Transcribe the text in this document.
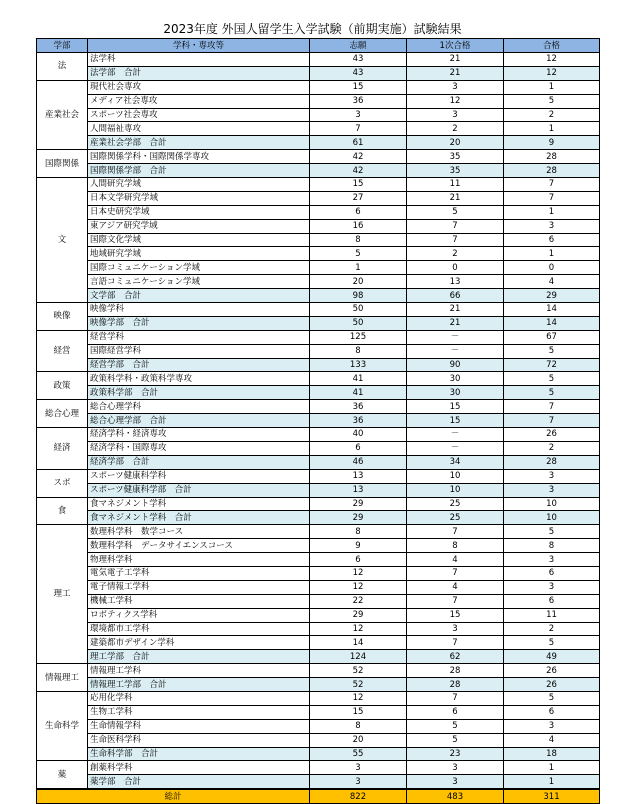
2023年度 外国人留学生入学試験（前期実施）試験結果
学部	学科・専攻等	志願	1次合格	合格
法	法学科	43	21	12
	法学部　合計	43	21	12
産業社会	現代社会専攻	15	3	1
	メディア社会専攻	36	12	5
	スポーツ社会専攻	3	3	2
	人間福祉専攻	7	2	1
	産業社会学部　合計	61	20	9
国際関係	国際関係学科・国際関係学専攻	42	35	28
	国際関係学部　合計	42	35	28
文	人間研究学域	15	11	7
	日本文学研究学域	27	21	7
	日本史研究学域	6	5	1
	東アジア研究学域	16	7	3
	国際文化学域	8	7	6
	地域研究学域	5	2	1
	国際コミュニケーション学域	1	0	0
	言語コミュニケーション学域	20	13	4
	文学部　合計	98	66	29
映像	映像学科	50	21	14
	映像学部　合計	50	21	14
経営	経営学科	125	－	67
	国際経営学科	8	－	5
	経営学部　合計	133	90	72
政策	政策科学科・政策科学専攻	41	30	5
	政策科学部　合計	41	30	5
総合心理	総合心理学科	36	15	7
	総合心理学部　合計	36	15	7
経済	経済学科・経済専攻	40	－	26
	経済学科・国際専攻	6	－	2
	経済学部　合計	46	34	28
スポ	スポーツ健康科学科	13	10	3
	スポーツ健康科学部　合計	13	10	3
食	食マネジメント学科	29	25	10
	食マネジメント学科　合計	29	25	10
理工	数理科学科　数学コース	8	7	5
	数理科学科　データサイエンスコース	9	8	8
	物理科学科	6	4	3
	電気電子工学科	12	7	6
	電子情報工学科	12	4	3
	機械工学科	22	7	6
	ロボティクス学科	29	15	11
	環境都市工学科	12	3	2
	建築都市デザイン学科	14	7	5
	理工学部　合計	124	62	49
情報理工	情報理工学科	52	28	26
	情報理工学部　合計	52	28	26
生命科学	応用化学科	12	7	5
	生物工学科	15	6	6
	生命情報学科	8	5	3
	生命医科学科	20	5	4
	生命科学部　合計	55	23	18
薬	創薬科学科	3	3	1
	薬学部　合計	3	3	1
総計		822	483	311
